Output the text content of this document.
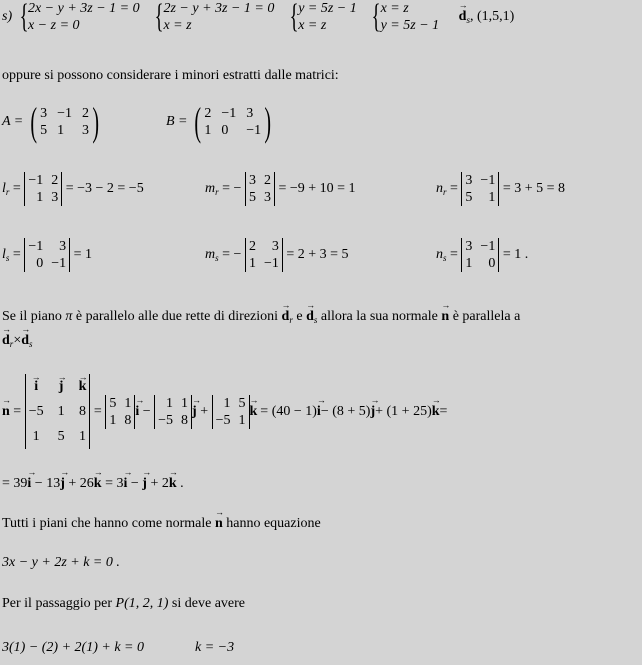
s) { 2x − y + 3z − 1 = 0
x − z = 0
	{ 2z − y + 3z − 1 = 0
x = z
	{ y = 5z − 1
x = z
	{ x = z
y = 5z − 1
→ $d_s$, (1,5,1)
oppure si possono considerare i minori estratti dalle matrici:
A = ( 3 −1 2
5 1	3 )	B = ( 2 −1 3
1 0	−1 )
$l_r$ =
−1 2
1 3
= −3 − 2 = −5	$m_r$ = −
3 2
5 3
= −9 + 10 = 1	$n_r$ =
3 −1
5	1
= 3 + 5 = 8
$l_s$ =
−1	3
0 −1
= 1	$m_s$ = −
2	3
1 −1
= 2 + 3 = 5	$n_s$ =
3 −1
1	0
= 1 .
Se il piano π è parallelo alle due rette di direzioni → $d_r$ $e \to d_s$ allora la sua normale → n è parallela a
→ $d_r\times\to d_s$
→ n =
→ i	→ j → k
−5 1 8
1 5 1
=
5 1
1 8
→ i −
1 1
−5 8
→ j +
1 5
−5 1
→ k = (40 − 1) → i − (8 + 5) → j + (1 + 25) → k =
= 39→ i − 13→ j + 26→ k = 3→ i − → j + 2→ k .
Tutti i piani che hanno come normale → n hanno equazione
3x − y + 2z + k = 0 .
Per il passaggio per P(1, 2, 1) si deve avere
3(1) − (2) + 2(1) + k = 0	k = −3
